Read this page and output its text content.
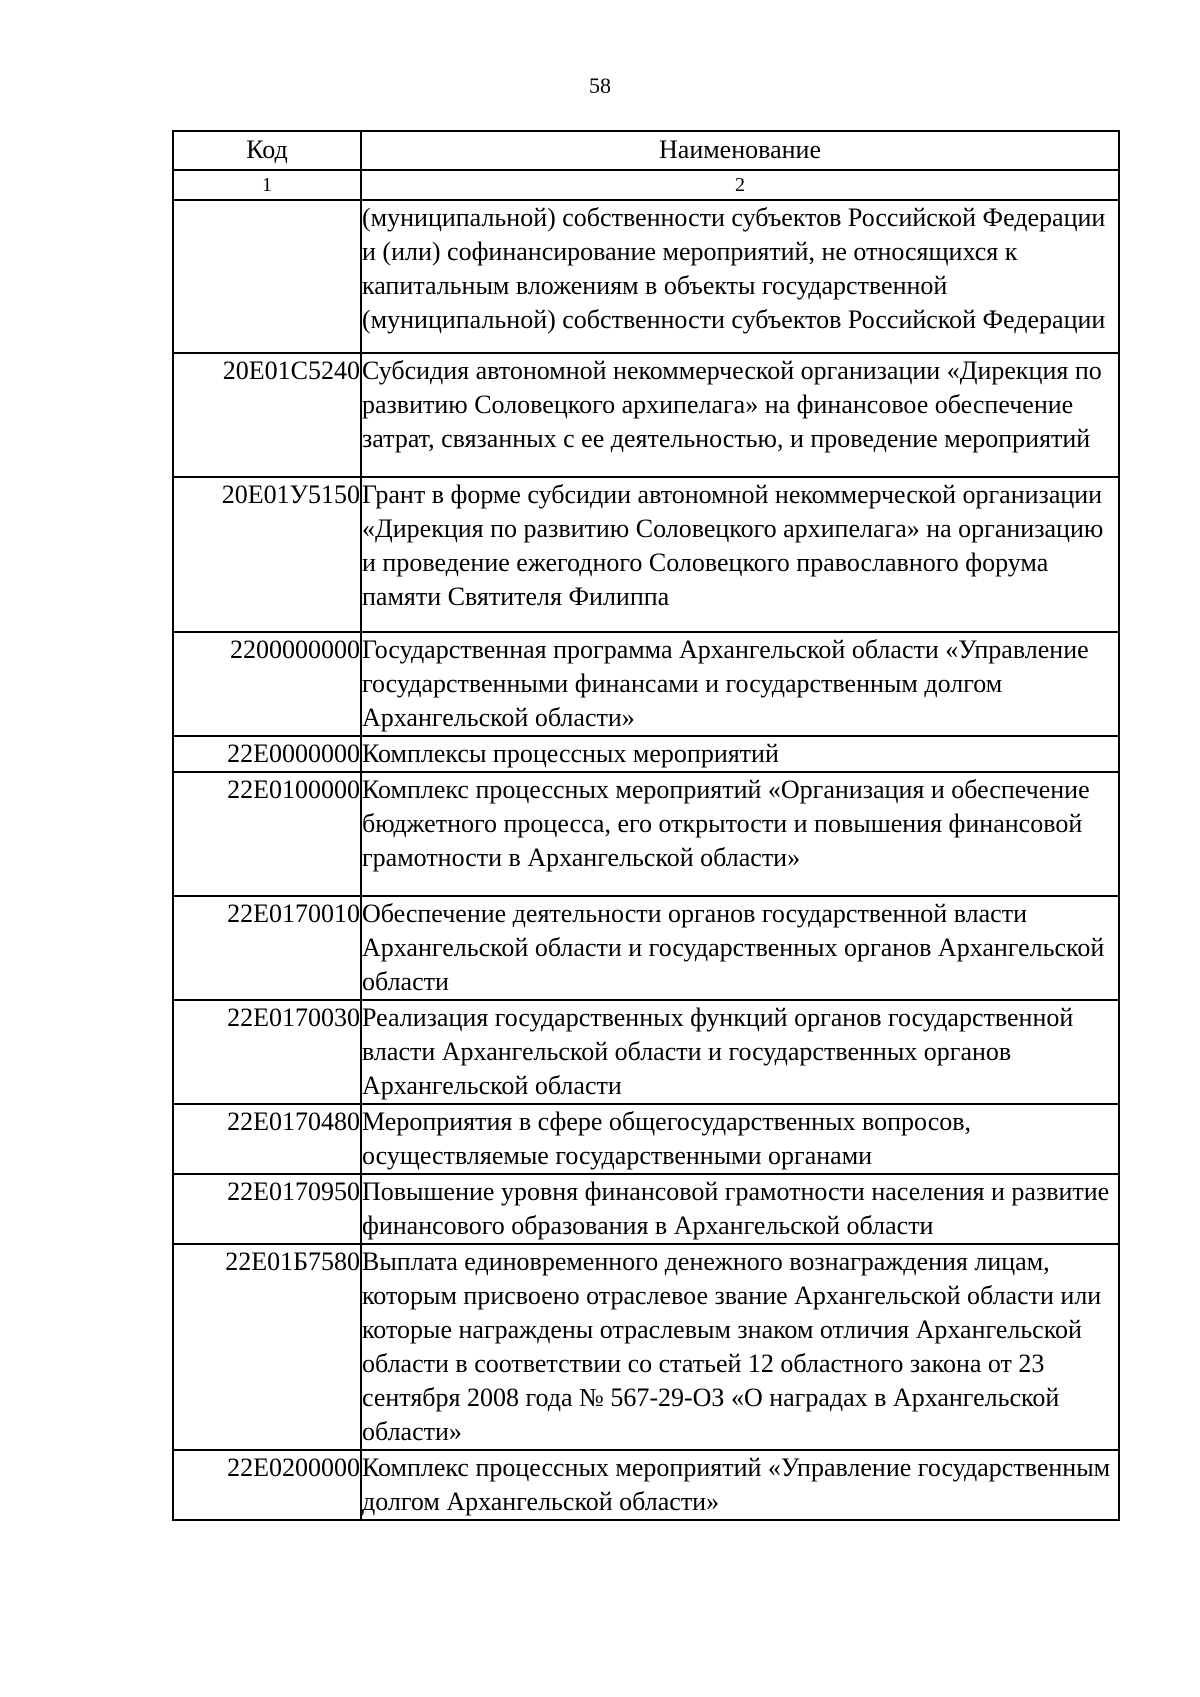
58
Код	Наименование
1	2
	(муниципальной) собственности субъектов Российской Федерации и (или) софинансирование мероприятий, не относящихся к капитальным вложениям в объекты государственной (муниципальной) собственности субъектов Российской Федерации
20Е01С5240	Субсидия автономной некоммерческой организации «Дирекция по развитию Соловецкого архипелага» на финансовое обеспечение затрат, связанных с ее деятельностью, и проведение мероприятий
20Е01У5150	Грант в форме субсидии автономной некоммерческой организации «Дирекция по развитию Соловецкого архипелага» на организацию и проведение ежегодного Соловецкого православного форума памяти Святителя Филиппа
2200000000	Государственная программа Архангельской области «Управление государственными финансами и государственным долгом Архангельской области»
22Е0000000	Комплексы процессных мероприятий
22Е0100000	Комплекс процессных мероприятий «Организация и обеспечение бюджетного процесса, его открытости и повышения финансовой грамотности в Архангельской области»
22Е0170010	Обеспечение деятельности органов государственной власти Архангельской области и государственных органов Архангельской области
22Е0170030	Реализация государственных функций органов государственной власти Архангельской области и государственных органов Архангельской области
22Е0170480	Мероприятия в сфере общегосударственных вопросов, осуществляемые государственными органами
22Е0170950	Повышение уровня финансовой грамотности населения и развитие финансового образования в Архангельской области
22Е01Б7580	Выплата единовременного денежного вознаграждения лицам, которым присвоено отраслевое звание Архангельской области или которые награждены отраслевым знаком отличия Архангельской области в соответствии со статьей 12 областного закона от 23 сентября 2008 года № 567-29-ОЗ «О наградах в Архангельской области»
22Е0200000	Комплекс процессных мероприятий «Управление государственным долгом Архангельской области»
